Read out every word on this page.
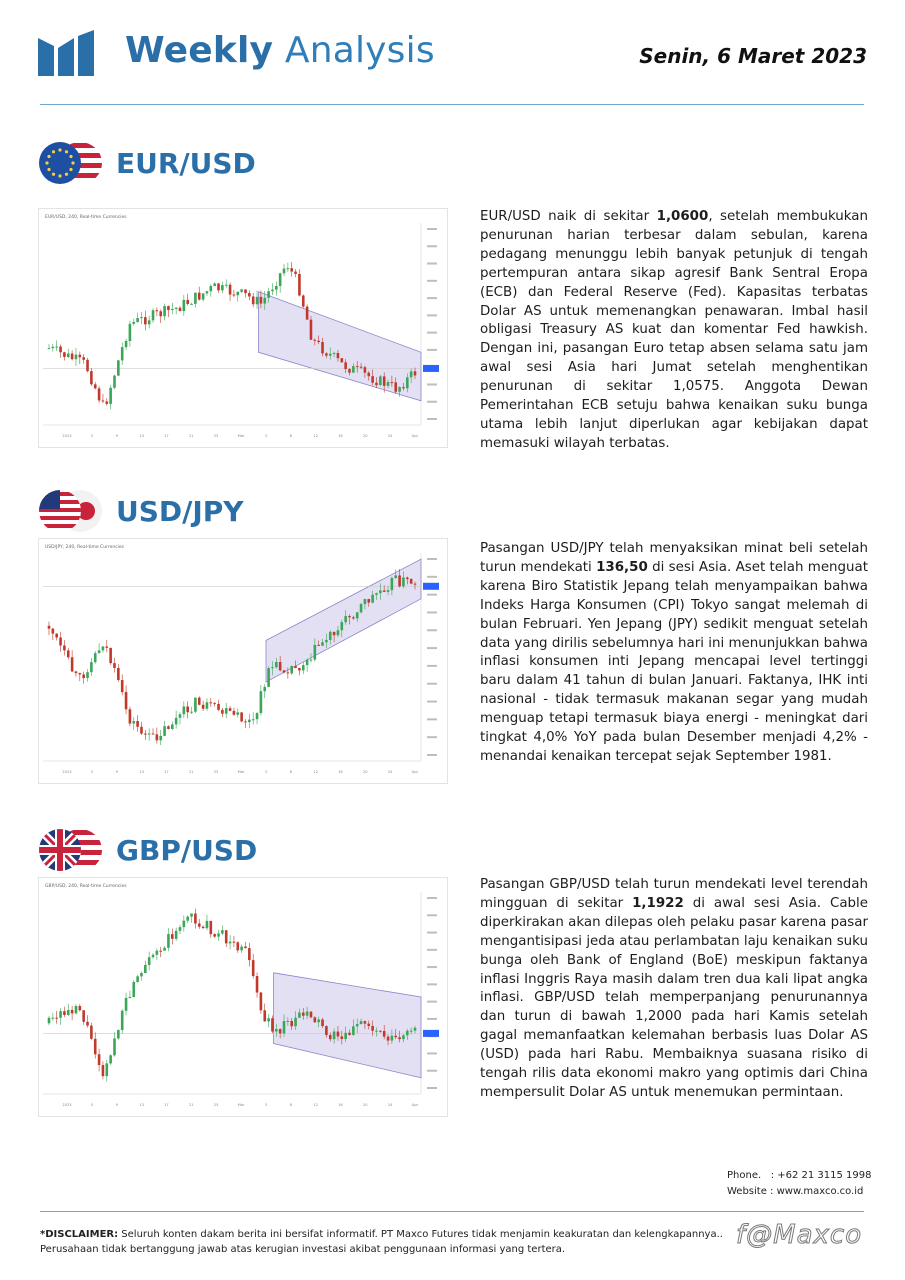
Weekly Analysis	Senin, 6 Maret 2023
EUR/USD
EUR/USD, 240, Real-time Currencies
2023	5	9	13	17	21	25	Mar	3	8	12	16	20	24	Apr
EUR/USD naik di sekitar 1,0600, setelah membukukan penurunan harian terbesar dalam sebulan, karena pedagang menunggu lebih banyak petunjuk di tengah pertempuran antara sikap agresif Bank Sentral Eropa (ECB) dan Federal Reserve (Fed). Kapasitas terbatas Dolar AS untuk memenangkan penawaran. Imbal hasil obligasi Treasury AS kuat dan komentar Fed hawkish. Dengan ini, pasangan Euro tetap absen selama satu jam awal sesi Asia hari Jumat setelah menghentikan penurunan di sekitar 1,0575. Anggota Dewan Pemerintahan ECB setuju bahwa kenaikan suku bunga utama lebih lanjut diperlukan agar kebijakan dapat memasuki wilayah terbatas.
USD/JPY
USD/JPY, 240, Real-time Currencies
2023	5	9	13	17	21	25	Mar	3	8	12	16	20	24	Apr
Pasangan USD/JPY telah menyaksikan minat beli setelah turun mendekati 136,50 di sesi Asia. Aset telah menguat karena Biro Statistik Jepang telah menyampaikan bahwa Indeks Harga Konsumen (CPI) Tokyo sangat melemah di bulan Februari. Yen Jepang (JPY) sedikit menguat setelah data yang dirilis sebelumnya hari ini menunjukkan bahwa inflasi konsumen inti Jepang mencapai level tertinggi baru dalam 41 tahun di bulan Januari. Faktanya, IHK inti nasional - tidak termasuk makanan segar yang mudah menguap tetapi termasuk biaya energi - meningkat dari tingkat 4,0% YoY pada bulan Desember menjadi 4,2% - menandai kenaikan tercepat sejak September 1981.
GBP/USD
GBP/USD, 240, Real-time Currencies
2023	5	9	13	17	21	25	Mar	3	8	12	16	20	24	Apr
Pasangan GBP/USD telah turun mendekati level terendah mingguan di sekitar 1,1922 di awal sesi Asia. Cable diperkirakan akan dilepas oleh pelaku pasar karena pasar mengantisipasi jeda atau perlambatan laju kenaikan suku bunga oleh Bank of England (BoE) meskipun faktanya inflasi Inggris Raya masih dalam tren dua kali lipat angka inflasi. GBP/USD telah memperpanjang penurunannya dan turun di bawah 1,2000 pada hari Kamis setelah gagal memanfaatkan kelemahan berbasis luas Dolar AS (USD) pada hari Rabu. Membaiknya suasana risiko di tengah rilis data ekonomi makro yang optimis dari China mempersulit Dolar AS untuk menemukan permintaan.
Phone.   : +62 21 3115 1998
Website : www.maxco.co.id
*DISCLAIMER: Seluruh konten dakam berita ini bersifat informatif. PT Maxco Futures tidak menjamin keakuratan dan kelengkapannya.. Perusahaan tidak bertanggung jawab atas kerugian investasi akibat penggunaan informasi yang tertera.	f@Maxco
